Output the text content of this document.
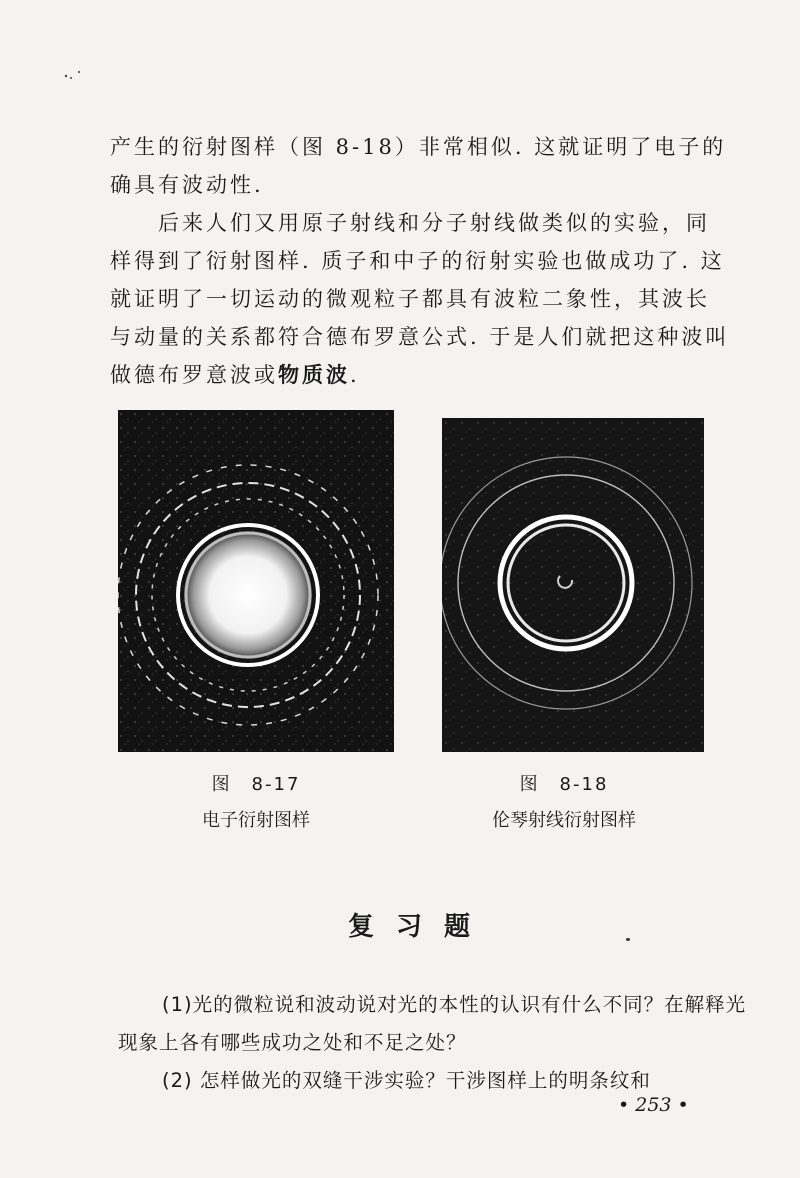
产生的衍射图样（图 8-18）非常相似. 这就证明了电子的确具有波动性.

后来人们又用原子射线和分子射线做类似的实验，同样得到了衍射图样. 质子和中子的衍射实验也做成功了. 这就证明了一切运动的微观粒子都具有波粒二象性，其波长与动量的关系都符合德布罗意公式. 于是人们就把这种波叫做德布罗意波或物质波.

图　8-17
电子衍射图样
图　8-18
伦琴射线衍射图样
复习题

(1)光的微粒说和波动说对光的本性的认识有什么不同？在解释光现象上各有哪些成功之处和不足之处？

(2) 怎样做光的双缝干涉实验？干涉图样上的明条纹和

• 253 •
